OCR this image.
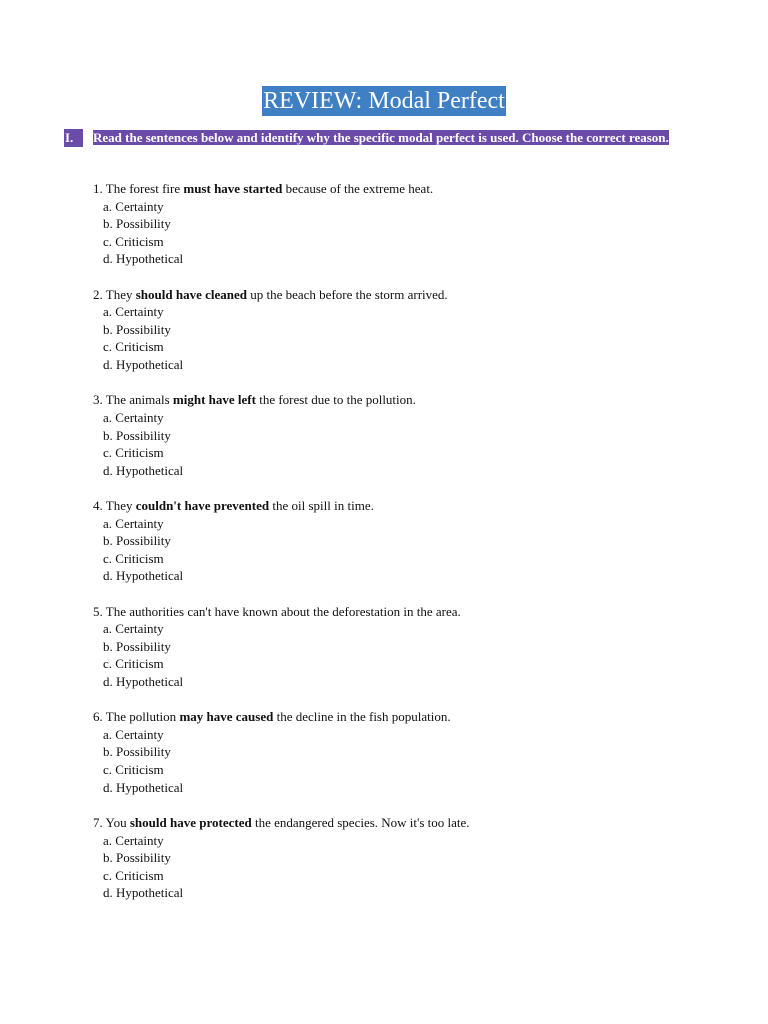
REVIEW: Modal Perfect
I.	Read the sentences below and identify why the specific modal perfect is used. Choose the correct reason.
1. The forest fire must have started because of the extreme heat.
a. Certainty
b. Possibility
c. Criticism
d. Hypothetical
2. They should have cleaned up the beach before the storm arrived.
a. Certainty
b. Possibility
c. Criticism
d. Hypothetical
3. The animals might have left the forest due to the pollution.
a. Certainty
b. Possibility
c. Criticism
d. Hypothetical
4. They couldn't have prevented the oil spill in time.
a. Certainty
b. Possibility
c. Criticism
d. Hypothetical
5. The authorities can't have known about the deforestation in the area.
a. Certainty
b. Possibility
c. Criticism
d. Hypothetical
6. The pollution may have caused the decline in the fish population.
a. Certainty
b. Possibility
c. Criticism
d. Hypothetical
7. You should have protected the endangered species. Now it's too late.
a. Certainty
b. Possibility
c. Criticism
d. Hypothetical
